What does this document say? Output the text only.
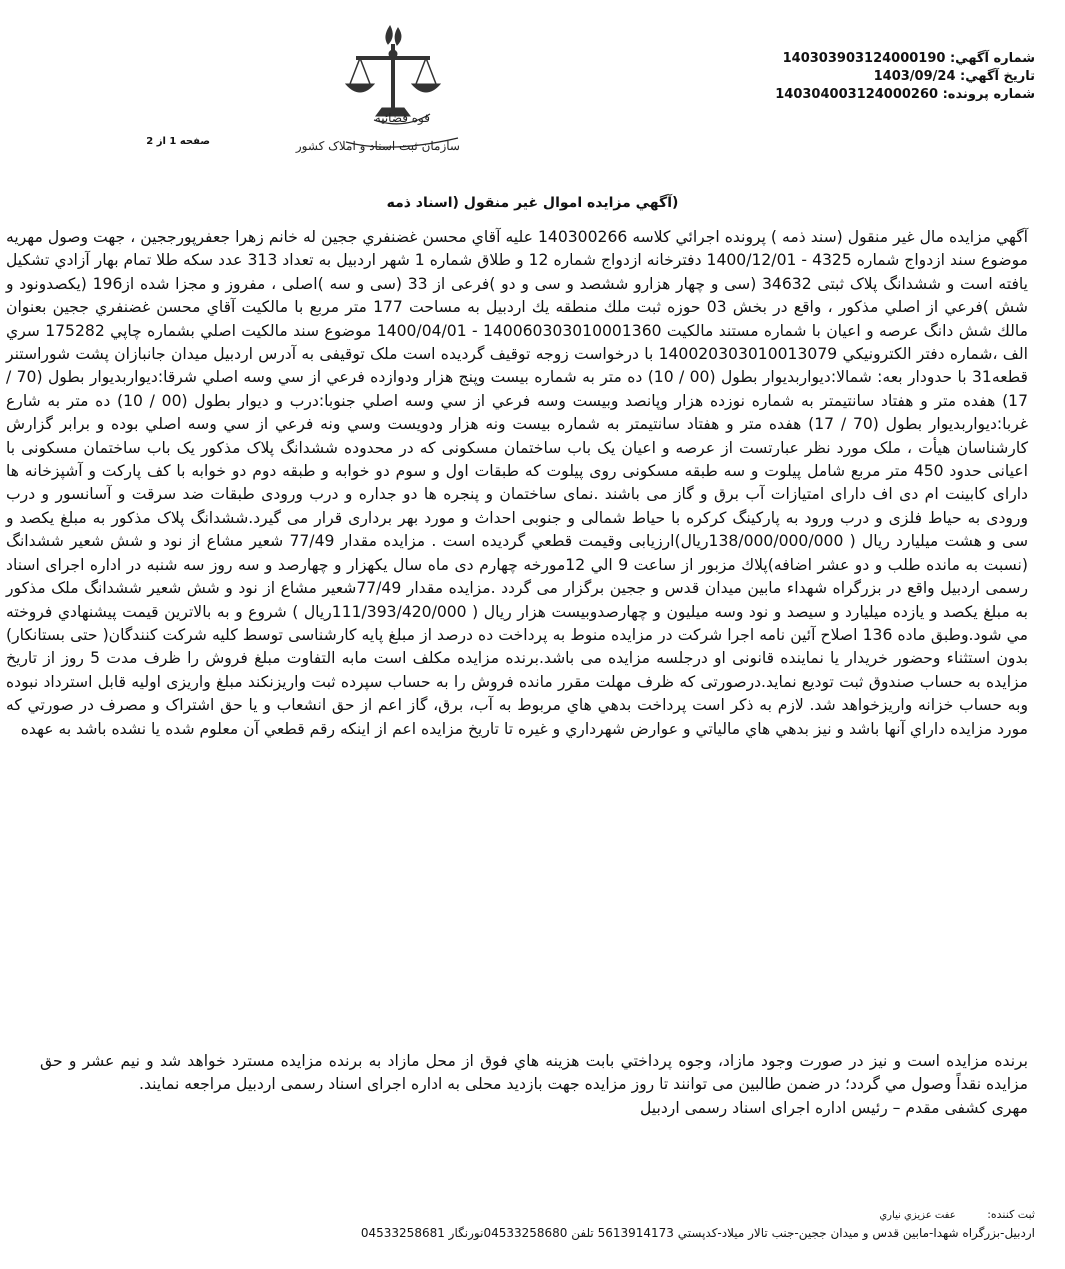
شماره آگهي: 140303903124000190
تاريخ آگهي: 1403/09/24
شماره پرونده: 140304003124000260
قوه قضائیه
سازمان ثبت اسناد و املاک کشور
صفحه 1 از 2
(آگهي مزايده اموال غير منقول (اسناد ذمه

آگهي مزايده مال غير منقول (سند ذمه ) پرونده اجرائي كلاسه 140300266 عليه آقاي محسن غضنفري ججين له خانم زهرا جعفرپورججين ، جهت وصول مهريه موضوع سند ازدواج شماره 4325 - 1400/12/01 دفترخانه ازدواج شماره 12 و طلاق شماره 1 شهر اردبيل به تعداد 313 عدد سكه طلا تمام بهار آزادي تشكيل يافته است و ششدانگ پلاک ثبتی 34632 (سی و چهار هزارو ششصد و سی و دو )فرعی از 33 (سی و سه )اصلی ، مفروز و مجزا شده از196 (يكصدونود و شش )فرعي از اصلي مذكور ، واقع در بخش 03 حوزه ثبت ملك منطقه يك اردبيل به مساحت 177 متر مربع با مالكيت آقاي محسن غضنفري ججين بعنوان مالك شش دانگ عرصه و اعيان با شماره مستند مالكيت 14006030301000136‌0 - 1400/04/01 موضوع سند مالكيت اصلي بشماره چاپي 175282 سري الف ،شماره دفتر الكترونيكي 140020303010013079 با درخواست زوجه توقيف گرديده است ملک توقيفی به آدرس اردبيل ميدان جانبازان پشت شوراستنر قطعه31 با حدودار بعه: شمالا:ديواربديوار بطول (00 / 10) ده متر به شماره بيست وپنج هزار ودوازده فرعي از سي وسه اصلي شرقا:ديواربديوار بطول (70 / 17) هفده متر و هفتاد سانتيمتر به شماره نوزده هزار وپانصد وبيست وسه فرعي از سي وسه اصلي جنوبا:درب و ديوار بطول (00 / 10) ده متر به شارع غربا:ديواربديوار بطول (70 / 17) هفده متر و هفتاد سانتيمتر به شماره بيست ونه هزار ودويست وسي ونه فرعي از سي وسه اصلي بوده و برابر گزارش كارشناسان هيأت ، ملک مورد نظر عبارتست از عرصه و اعيان يک باب ساختمان مسكونی كه در محدوده ششدانگ پلاک مذكور يک باب ساختمان مسكونی با اعيانی حدود 450 متر مربع شامل پيلوت و سه طبقه مسكونی روی پيلوت كه طبقات اول و سوم دو خوابه و طبقه دوم دو خوابه با كف پاركت و آشپزخانه ها دارای كابينت ام دی اف دارای امتيازات آب برق و گاز می باشند .نمای ساختمان و پنجره ها دو جداره و درب ورودی طبقات ضد سرقت و آسانسور و درب ورودی به حياط فلزی و درب ورود به پاركينگ كركره با حياط شمالی و جنوبی احداث و مورد بهر برداری قرار می گيرد.ششدانگ پلاک مذكور به مبلغ يكصد و سی و هشت ميليارد ريال ( 138/000/000/000ريال)ارزيابی وقيمت قطعي گرديده است . مزايده مقدار 77/49 شعير مشاع از نود و شش شعير ششدانگ (نسبت به مانده طلب و دو عشر اضافه)پلاك مزبور از ساعت 9 الي 12مورخه چهارم دی ماه سال يكهزار و چهارصد و سه روز سه شنبه در اداره اجرای اسناد رسمی اردبيل واقع در بزرگراه شهداء مابين ميدان قدس و ججين برگزار می گردد .مزايده مقدار 77/49شعير مشاع از نود و شش شعير ششدانگ ملک مذكور به مبلغ يكصد و يازده ميليارد و سيصد و نود وسه ميليون و چهارصدوبيست هزار ريال ( 111/393/420/000ريال ) شروع و به بالاترين قيمت پيشنهادي فروخته مي شود.وطبق ماده 136 اصلاح آئين نامه اجرا شركت در مزايده منوط به پرداخت ده درصد از مبلغ پايه كارشناسی توسط كليه شركت كنندگان( حتی بستانكار) بدون استثناء وحضور خريدار يا نماينده قانونی او درجلسه مزايده می باشد.برنده مزايده مكلف است مابه التفاوت مبلغ فروش را ظرف مدت 5 روز از تاريخ مزايده به حساب صندوق ثبت توديع نمايد.درصورتی كه ظرف مهلت مقرر مانده فروش را به حساب سپرده ثبت واريزنكند مبلغ واريزی اوليه قابل استرداد نبوده وبه حساب خزانه واريزخواهد شد. لازم به ذكر است پرداخت بدهي هاي مربوط به آب، برق، گاز اعم از حق انشعاب و يا حق اشتراک و مصرف در صورتي كه مورد مزايده داراي آنها باشد و نيز بدهي هاي مالياتي و عوارض شهرداري و غيره تا تاريخ مزايده اعم از اينكه رقم قطعي آن معلوم شده يا نشده باشد به عهده

برنده مزايده است و نيز در صورت وجود مازاد، وجوه پرداختي بابت هزينه هاي فوق از محل مازاد به برنده مزايده مسترد خواهد شد و نيم عشر و حق مزايده نقداً وصول مي گردد؛ در ضمن طالبين می توانند تا روز مزايده جهت بازديد محلی به اداره اجرای اسناد رسمی اردبيل مراجعه نمايند.
مهری كشفی مقدم – رئيس اداره اجرای اسناد رسمی اردبيل
ثبت كننده: عفت عزيزي نياري
اردبيل-بزرگراه شهدا-مابين قدس و ميدان ججين-جنب تالار ميلاد-كدپستي 5613914173 تلفن 04533258680نورنگار 04533258681
